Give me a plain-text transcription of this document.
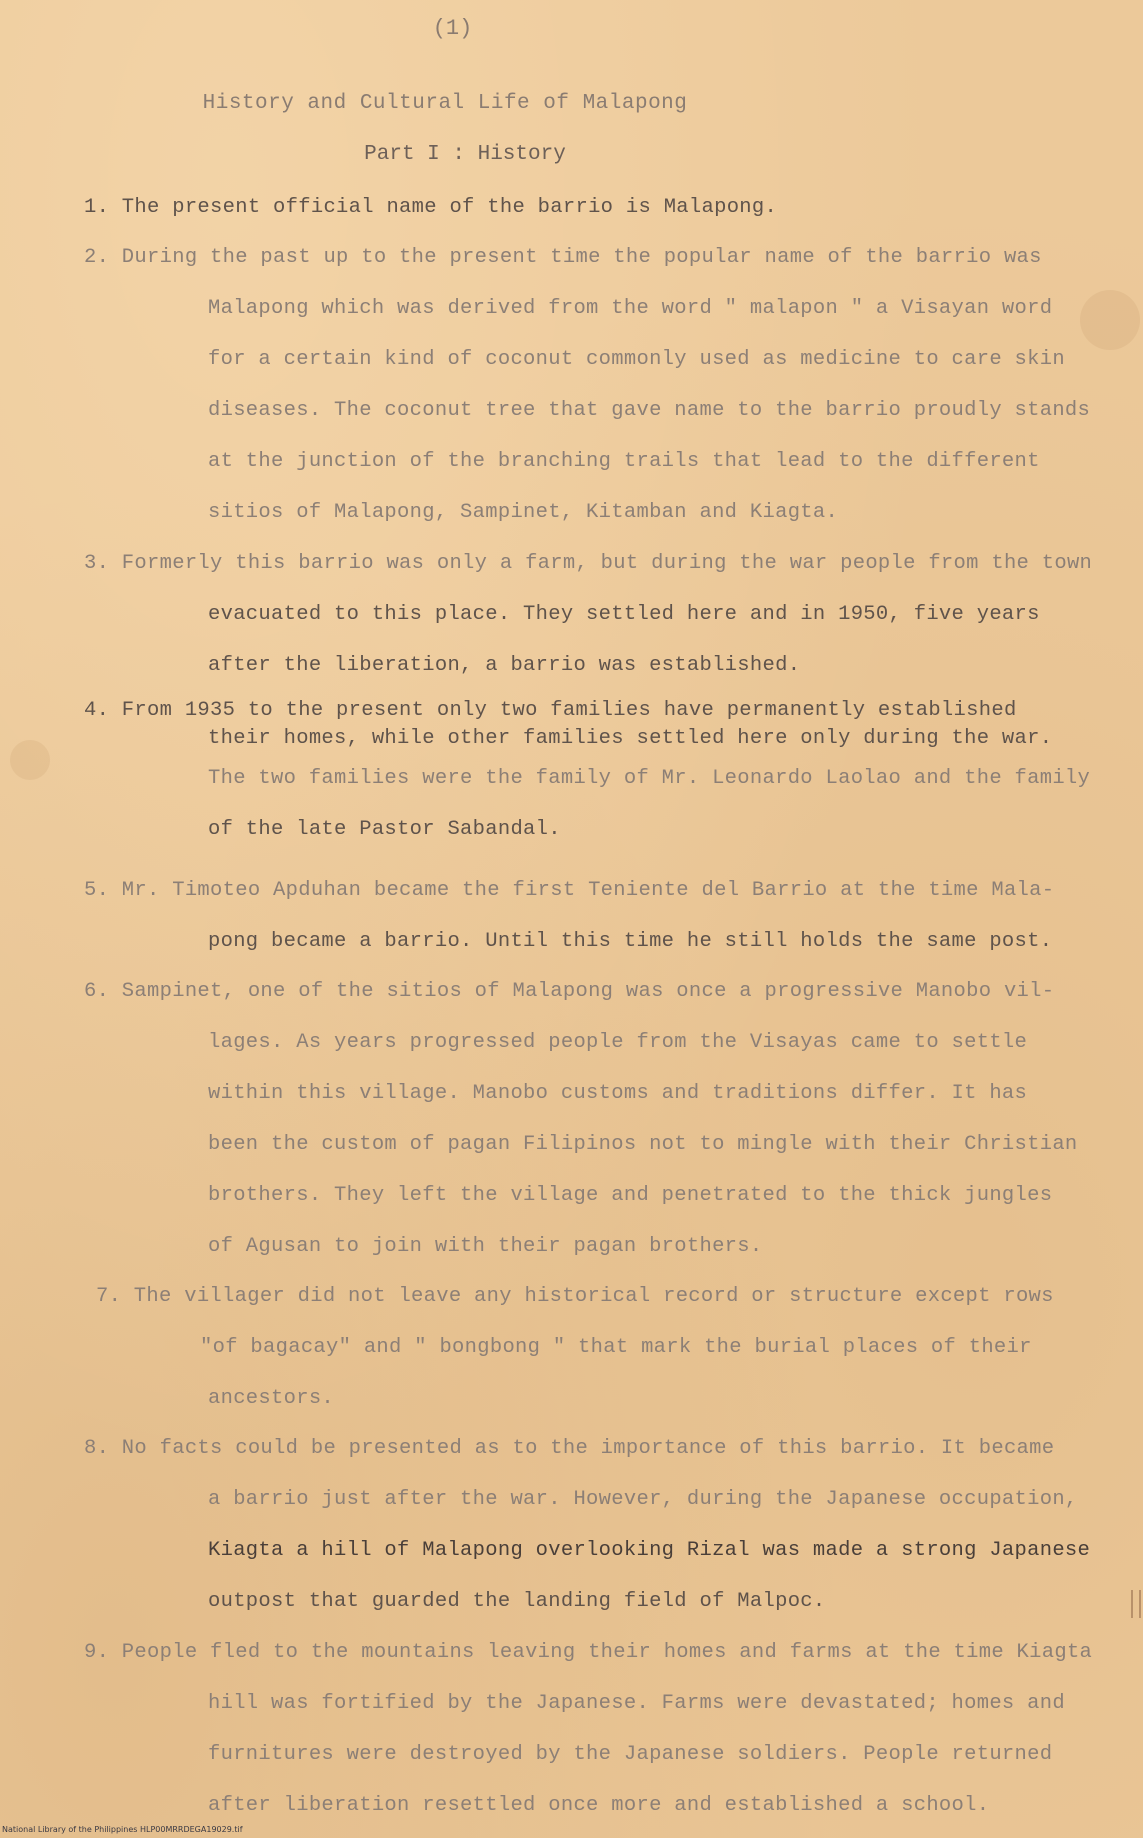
(1)
History and Cultural Life of Malapong
Part I : History
1. The present official name of the barrio is Malapong.
2. During the past up to the present time the popular name of the barrio was
Malapong which was derived from the word " malapon " a Visayan word
for a certain kind of coconut commonly used as medicine to care skin
diseases. The coconut tree that gave name to the barrio proudly stands
at the junction of the branching trails that lead to the different
sitios of Malapong, Sampinet, Kitamban and Kiagta.
3. Formerly this barrio was only a farm, but during the war people from the town
evacuated to this place. They settled here and in 1950, five years
after the liberation, a barrio was established.
4. From 1935 to the present only two families have permanently established
their homes, while other families settled here only during the war.
The two families were the family of Mr. Leonardo Laolao and the family
of the late Pastor Sabandal.
5. Mr. Timoteo Apduhan became the first Teniente del Barrio at the time Mala-
pong became a barrio. Until this time he still holds the same post.
6. Sampinet, one of the sitios of Malapong was once a progressive Manobo vil-
lages. As years progressed people from the Visayas came to settle
within this village. Manobo customs and traditions differ. It has
been the custom of pagan Filipinos not to mingle with their Christian
brothers. They left the village and penetrated to the thick jungles
of Agusan to join with their pagan brothers.
7. The villager did not leave any historical record or structure except rows
"of bagacay" and " bongbong " that mark the burial places of their
ancestors.
8. No facts could be presented as to the importance of this barrio. It became
a barrio just after the war. However, during the Japanese occupation,
Kiagta a hill of Malapong overlooking Rizal was made a strong Japanese
outpost that guarded the landing field of Malpoc.
9. People fled to the mountains leaving their homes and farms at the time Kiagta
hill was fortified by the Japanese. Farms were devastated; homes and
furnitures were destroyed by the Japanese soldiers. People returned
after liberation resettled once more and established a school.
National Library of the Philippines HLP00MRRDEGA19029.tif
